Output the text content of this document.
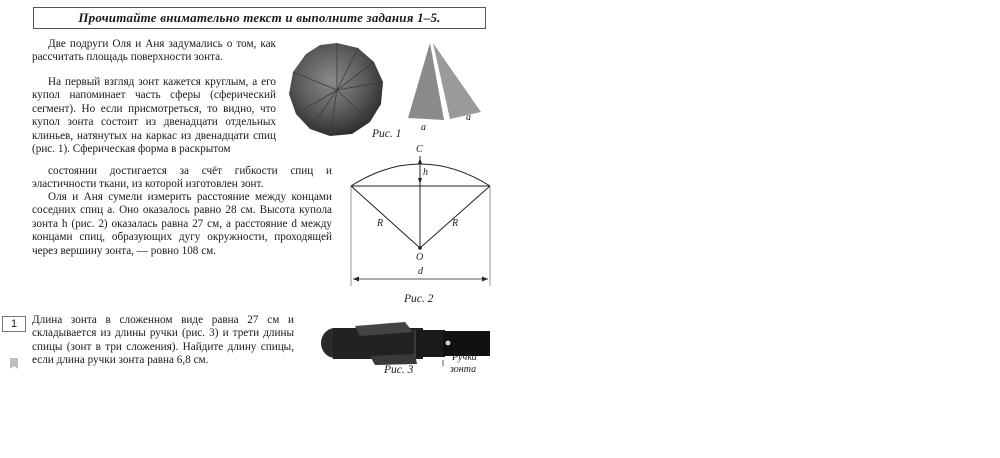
Прочитайте внимательно текст и выполните задания 1–5.

Две подруги Оля и Аня задумались о том, как рассчитать площадь поверхности зонта.

На первый взгляд зонт кажется круглым, а его купол напоминает часть сферы (сферический сегмент). Но если присмотреться, то видно, что купол зонта состоит из двенадцати отдельных клиньев, натянутых на каркас из двенадцати спиц (рис. 1). Сферическая форма в раскрытом

состоянии достигается за счёт гибкости спиц и эластичности ткани, из которой изготовлен зонт.

Оля и Аня сумели измерить расстояние между концами соседних спиц a. Оно оказалось равно 28 см. Высота купола зонта h (рис. 2) оказалась равна 27 см, а расстояние d между концами спиц, образующих дугу окружности, проходящей через вершину зонта, — ровно 108 см.

a
a
Рис. 1
C
h
R	R
O
d
Рис. 2
1 Длина зонта в сложенном виде равна 27 см и складывается из длины ручки (рис. 3) и трети длины спицы (зонт в три сложения). Найдите длину спицы, если длина ручки зонта равна 6,8 см.

Рис. 3
Ручка
зонта
